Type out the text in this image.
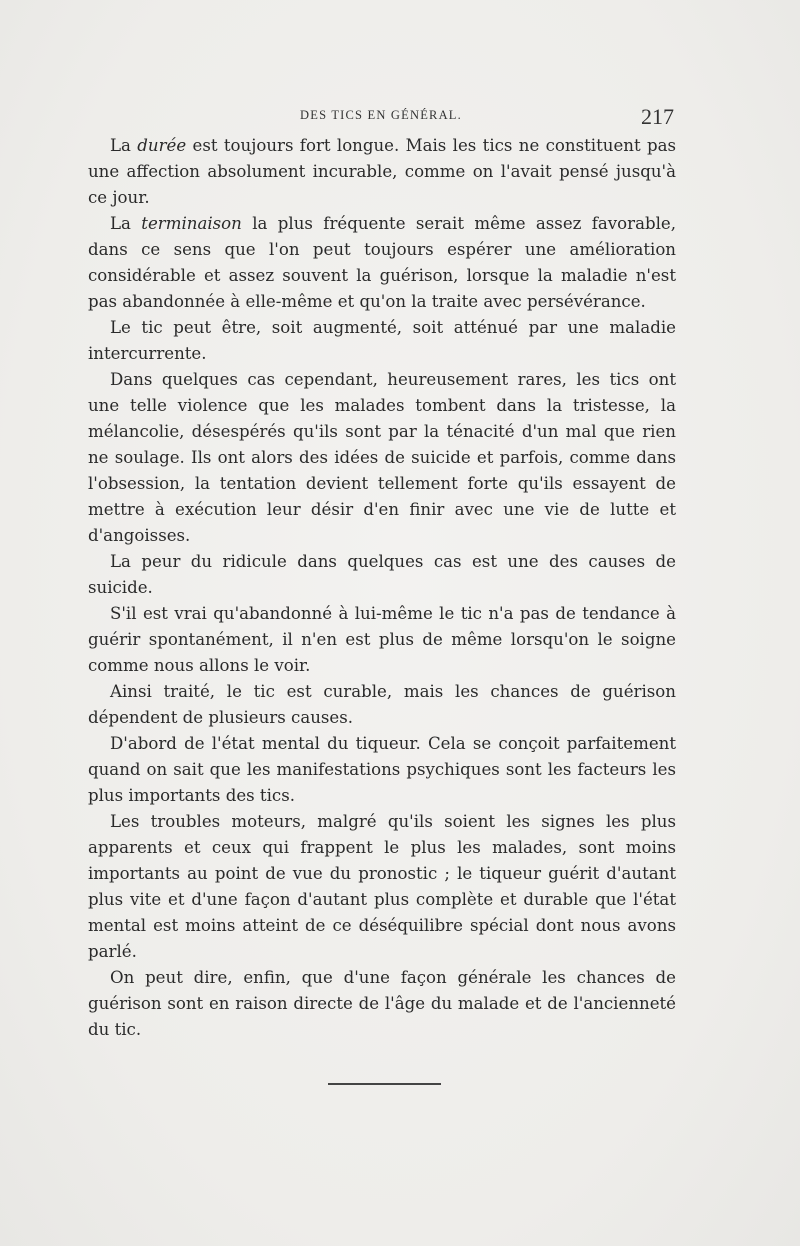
DES TICS EN GÉNÉRAL.	217

La durée est toujours fort longue. Mais les tics ne constituent pas une affection absolument incurable, comme on l'avait pensé jusqu'à ce jour.

La terminaison la plus fréquente serait même assez favorable, dans ce sens que l'on peut toujours espérer une amélioration considérable et assez souvent la guérison, lorsque la maladie n'est pas abandonnée à elle-même et qu'on la traite avec persévérance.

Le tic peut être, soit augmenté, soit atténué par une maladie intercurrente.

Dans quelques cas cependant, heureusement rares, les tics ont une telle violence que les malades tombent dans la tristesse, la mélancolie, désespérés qu'ils sont par la ténacité d'un mal que rien ne soulage. Ils ont alors des idées de suicide et parfois, comme dans l'obsession, la tentation devient tellement forte qu'ils essayent de mettre à exécution leur désir d'en finir avec une vie de lutte et d'angoisses.

La peur du ridicule dans quelques cas est une des causes de suicide.

S'il est vrai qu'abandonné à lui-même le tic n'a pas de tendance à guérir spontanément, il n'en est plus de même lorsqu'on le soigne comme nous allons le voir.

Ainsi traité, le tic est curable, mais les chances de guérison dépendent de plusieurs causes.

D'abord de l'état mental du tiqueur. Cela se conçoit parfaitement quand on sait que les manifestations psychiques sont les facteurs les plus importants des tics.

Les troubles moteurs, malgré qu'ils soient les signes les plus apparents et ceux qui frappent le plus les malades, sont moins importants au point de vue du pronostic ; le tiqueur guérit d'autant plus vite et d'une façon d'autant plus complète et durable que l'état mental est moins atteint de ce déséquilibre spécial dont nous avons parlé.

On peut dire, enfin, que d'une façon générale les chances de guérison sont en raison directe de l'âge du malade et de l'ancienneté du tic.
